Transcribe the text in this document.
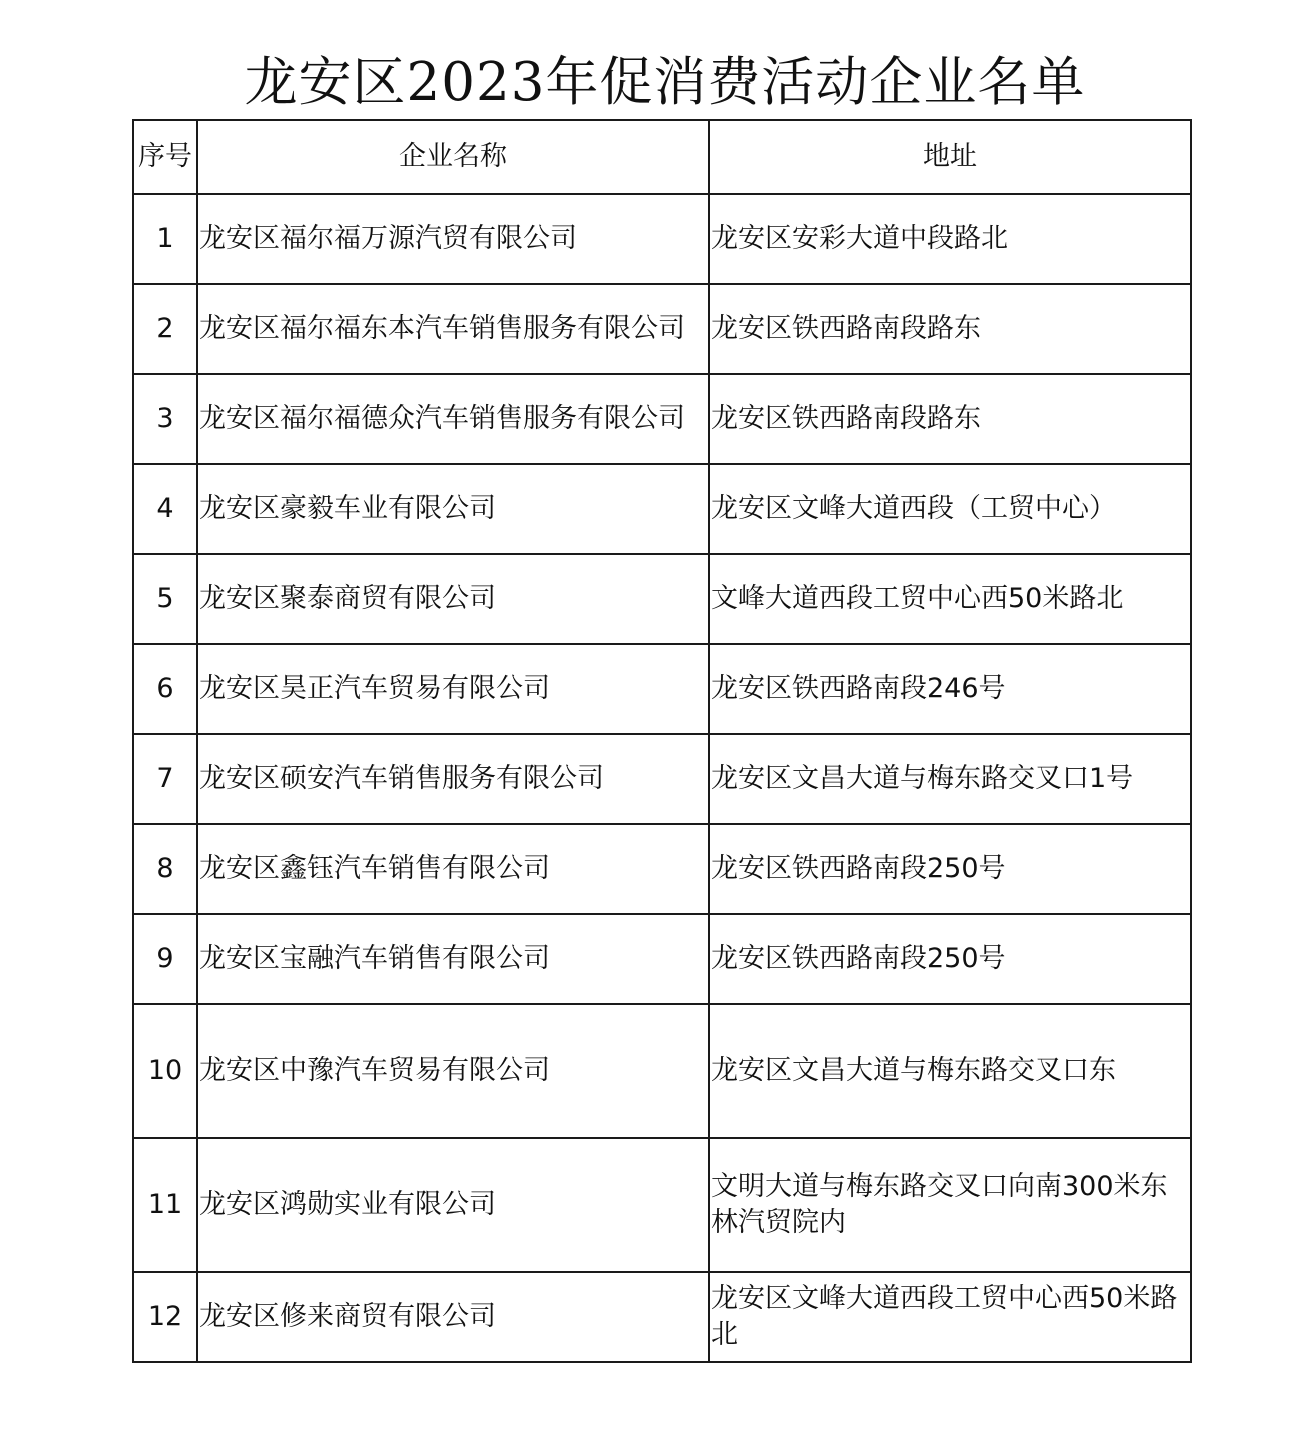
龙安区2023年促消费活动企业名单
序号	企业名称	地址
1	龙安区福尔福万源汽贸有限公司	龙安区安彩大道中段路北
2	龙安区福尔福东本汽车销售服务有限公司	龙安区铁西路南段路东
3	龙安区福尔福德众汽车销售服务有限公司	龙安区铁西路南段路东
4	龙安区豪毅车业有限公司	龙安区文峰大道西段（工贸中心）
5	龙安区聚泰商贸有限公司	文峰大道西段工贸中心西50米路北
6	龙安区昊正汽车贸易有限公司	龙安区铁西路南段246号
7	龙安区硕安汽车销售服务有限公司	龙安区文昌大道与梅东路交叉口1号
8	龙安区鑫钰汽车销售有限公司	龙安区铁西路南段250号
9	龙安区宝融汽车销售有限公司	龙安区铁西路南段250号
10	龙安区中豫汽车贸易有限公司	龙安区文昌大道与梅东路交叉口东
11	龙安区鸿勋实业有限公司	文明大道与梅东路交叉口向南300米东林汽贸院内
12	龙安区修来商贸有限公司	龙安区文峰大道西段工贸中心西50米路北
